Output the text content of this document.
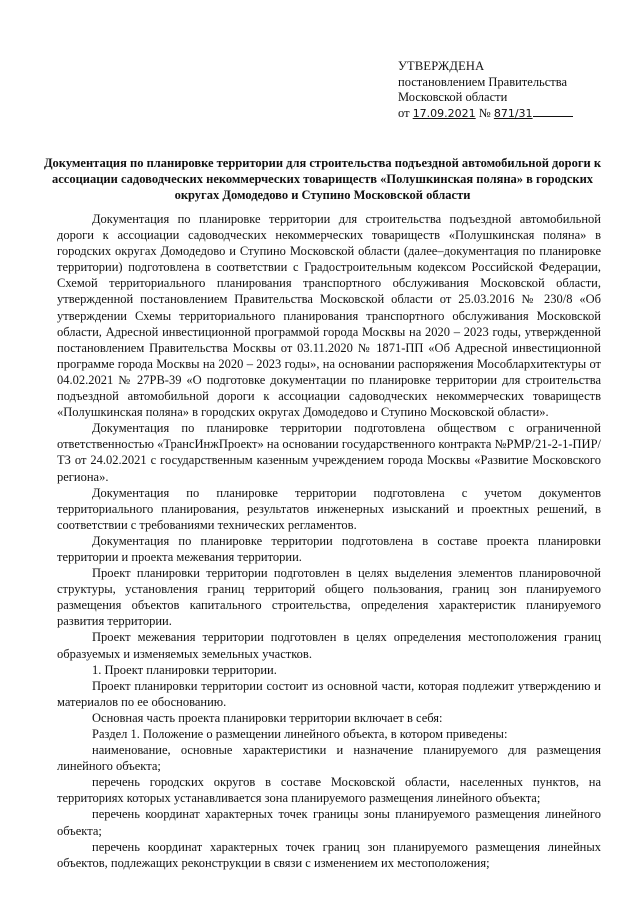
УТВЕРЖДЕНА
постановлением Правительства
Московской области
от 17.09.2021 № 871/31
Документация по планировке территории для строительства подъездной автомобильной дороги к ассоциации садоводческих некоммерческих товариществ «Полушкинская поляна» в городских округах Домодедово и Ступино Московской области

Документация по планировке территории для строительства подъездной автомобильной дороги к ассоциации садоводческих некоммерческих товариществ «Полушкинская поляна» в городских округах Домодедово и Ступино Московской области (далее–документация по планировке территории) подготовлена в соответствии с Градостроительным кодексом Российской Федерации, Схемой территориального планирования транспортного обслуживания Московской области, утвержденной постановлением Правительства Московской области от 25.03.2016 № 230/8 «Об утверждении Схемы территориального планирования транспортного обслуживания Московской области, Адресной инвестиционной программой города Москвы на 2020 – 2023 годы, утвержденной постановлением Правительства Москвы от 03.11.2020 № 1871-ПП «Об Адресной инвестиционной программе города Москвы на 2020 – 2023 годы», на основании распоряжения Мособлархитектуры от 04.02.2021 № 27РВ-39 «О подготовке документации по планировке территории для строительства подъездной автомобильной дороги к ассоциации садоводческих некоммерческих товариществ «Полушкинская поляна» в городских округах Домодедово и Ступино Московской области».

Документация по планировке территории подготовлена обществом с ограниченной ответственностью «ТрансИнжПроект» на основании государственного контракта №РМР/21-2-1-ПИР/ТЗ от 24.02.2021 с государственным казенным учреждением города Москвы «Развитие Московского региона».

Документация по планировке территории подготовлена с учетом документов территориального планирования, результатов инженерных изысканий и проектных решений, в соответствии с требованиями технических регламентов.

Документация по планировке территории подготовлена в составе проекта планировки территории и проекта межевания территории.

Проект планировки территории подготовлен в целях выделения элементов планировочной структуры, установления границ территорий общего пользования, границ зон планируемого размещения объектов капитального строительства, определения характеристик планируемого развития территории.

Проект межевания территории подготовлен в целях определения местоположения границ образуемых и изменяемых земельных участков.

1. Проект планировки территории.

Проект планировки территории состоит из основной части, которая подлежит утверждению и материалов по ее обоснованию.

Основная часть проекта планировки территории включает в себя:

Раздел 1. Положение о размещении линейного объекта, в котором приведены:

наименование, основные характеристики и назначение планируемого для размещения линейного объекта;

перечень городских округов в составе Московской области, населенных пунктов, на территориях которых устанавливается зона планируемого размещения линейного объекта;

перечень координат характерных точек границы зоны планируемого размещения линейного объекта;

перечень координат характерных точек границ зон планируемого размещения линейных объектов, подлежащих реконструкции в связи с изменением их местоположения;
